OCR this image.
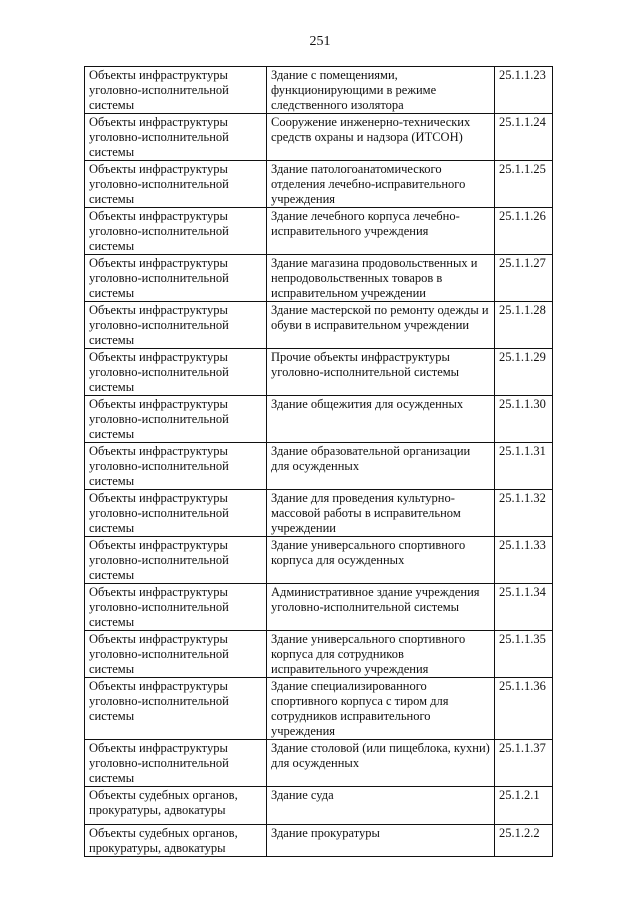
251
Объекты инфраструктуры уголовно-исполнительной системы	Здание с помещениями, функционирующими в режиме следственного изолятора	25.1.1.23
Объекты инфраструктуры уголовно-исполнительной системы	Сооружение инженерно-технических средств охраны и надзора (ИТСОН)	25.1.1.24
Объекты инфраструктуры уголовно-исполнительной системы	Здание патологоанатомического отделения лечебно-исправительного учреждения	25.1.1.25
Объекты инфраструктуры уголовно-исполнительной системы	Здание лечебного корпуса лечебно-исправительного учреждения	25.1.1.26
Объекты инфраструктуры уголовно-исполнительной системы	Здание магазина продовольственных и непродовольственных товаров в исправительном учреждении	25.1.1.27
Объекты инфраструктуры уголовно-исполнительной системы	Здание мастерской по ремонту одежды и обуви в исправительном учреждении	25.1.1.28
Объекты инфраструктуры уголовно-исполнительной системы	Прочие объекты инфраструктуры уголовно-исполнительной системы	25.1.1.29
Объекты инфраструктуры уголовно-исполнительной системы	Здание общежития для осужденных	25.1.1.30
Объекты инфраструктуры уголовно-исполнительной системы	Здание образовательной организации для осужденных	25.1.1.31
Объекты инфраструктуры уголовно-исполнительной системы	Здание для проведения культурно-массовой работы в исправительном учреждении	25.1.1.32
Объекты инфраструктуры уголовно-исполнительной системы	Здание универсального спортивного корпуса для осужденных	25.1.1.33
Объекты инфраструктуры уголовно-исполнительной системы	Административное здание учреждения уголовно-исполнительной системы	25.1.1.34
Объекты инфраструктуры уголовно-исполнительной системы	Здание универсального спортивного корпуса для сотрудников исправительного учреждения	25.1.1.35
Объекты инфраструктуры уголовно-исполнительной системы	Здание специализированного спортивного корпуса с тиром для сотрудников исправительного учреждения	25.1.1.36
Объекты инфраструктуры уголовно-исполнительной системы	Здание столовой (или пищеблока, кухни) для осужденных	25.1.1.37
Объекты судебных органов, прокуратуры, адвокатуры	Здание суда	25.1.2.1
Объекты судебных органов, прокуратуры, адвокатуры	Здание прокуратуры	25.1.2.2
